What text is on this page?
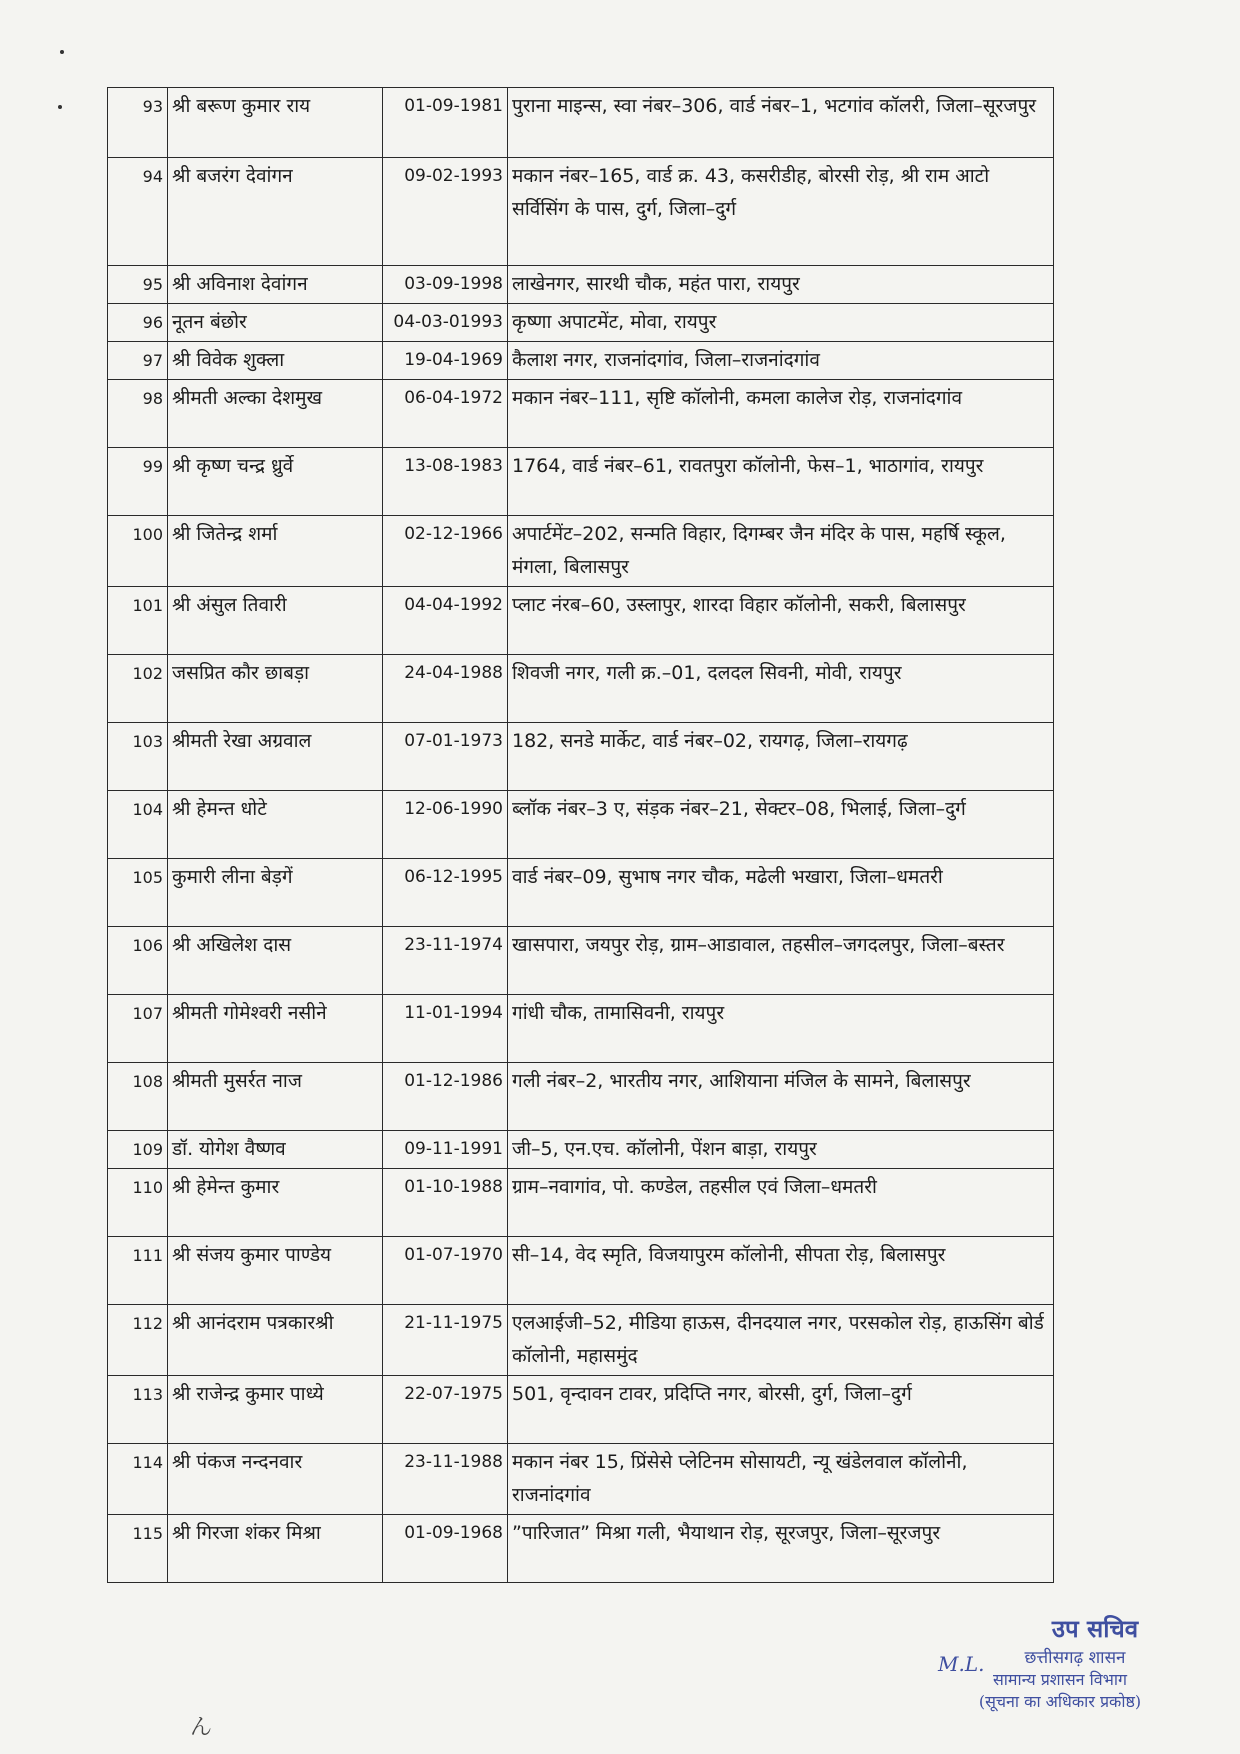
93	श्री बरूण कुमार राय	01-09-1981	पुराना माइन्स, स्वा नंबर–306, वार्ड नंबर–1, भटगांव कॉलरी, जिला–सूरजपुर
94	श्री बजरंग देवांगन	09-02-1993	मकान नंबर–165, वार्ड क्र. 43, कसरीडीह, बोरसी रोड़, श्री राम आटो सर्विसिंग के पास, दुर्ग, जिला–दुर्ग
95	श्री अविनाश देवांगन	03-09-1998	लाखेनगर, सारथी चौक, महंत पारा, रायपुर
96	नूतन बंछोर	04-03-01993	कृष्णा अपाटमेंट, मोवा, रायपुर
97	श्री विवेक शुक्ला	19-04-1969	कैलाश नगर, राजनांदगांव, जिला–राजनांदगांव
98	श्रीमती अल्का देशमुख	06-04-1972	मकान नंबर–111, सृष्टि कॉलोनी, कमला कालेज रोड़, राजनांदगांव
99	श्री कृष्ण चन्द्र ध्रुर्वे	13-08-1983	1764, वार्ड नंबर–61, रावतपुरा कॉलोनी, फेस–1, भाठागांव, रायपुर
100	श्री जितेन्द्र शर्मा	02-12-1966	अपार्टमेंट–202, सन्मति विहार, दिगम्बर जैन मंदिर के पास, महर्षि स्कूल, मंगला, बिलासपुर
101	श्री अंसुल तिवारी	04-04-1992	प्लाट नंरब–60, उस्लापुर, शारदा विहार कॉलोनी, सकरी, बिलासपुर
102	जसप्रित कौर छाबड़ा	24-04-1988	शिवजी नगर, गली क्र.–01, दलदल सिवनी, मोवी, रायपुर
103	श्रीमती रेखा अग्रवाल	07-01-1973	182, सनडे मार्केट, वार्ड नंबर–02, रायगढ़, जिला–रायगढ़
104	श्री हेमन्त धोटे	12-06-1990	ब्लॉक नंबर–3 ए, संड़क नंबर–21, सेक्टर–08, भिलाई, जिला–दुर्ग
105	कुमारी लीना बेड़गें	06-12-1995	वार्ड नंबर–09, सुभाष नगर चौक, मढेली भखारा, जिला–धमतरी
106	श्री अखिलेश दास	23-11-1974	खासपारा, जयपुर रोड़, ग्राम–आडावाल, तहसील–जगदलपुर, जिला–बस्तर
107	श्रीमती गोमेश्वरी नसीने	11-01-1994	गांधी चौक, तामासिवनी, रायपुर
108	श्रीमती मुसर्रत नाज	01-12-1986	गली नंबर–2, भारतीय नगर, आशियाना मंजिल के सामने, बिलासपुर
109	डॉ. योगेश वैष्णव	09-11-1991	जी–5, एन.एच. कॉलोनी, पेंशन बाड़ा, रायपुर
110	श्री हेमेन्त कुमार	01-10-1988	ग्राम–नवागांव, पो. कण्डेल, तहसील एवं जिला–धमतरी
111	श्री संजय कुमार पाण्डेय	01-07-1970	सी–14, वेद स्मृति, विजयापुरम कॉलोनी, सीपता रोड़, बिलासपुर
112	श्री आनंदराम पत्रकारश्री	21-11-1975	एलआईजी–52, मीडिया हाऊस, दीनदयाल नगर, परसकोल रोड़, हाऊसिंग बोर्ड कॉलोनी, महासमुंद
113	श्री राजेन्द्र कुमार पाध्ये	22-07-1975	501, वृन्दावन टावर, प्रदिप्ति नगर, बोरसी, दुर्ग, जिला–दुर्ग
114	श्री पंकज नन्दनवार	23-11-1988	मकान नंबर 15, प्रिंसेसे प्लेटिनम सोसायटी, न्यू खंडेलवाल कॉलोनी, राजनांदगांव
115	श्री गिरजा शंकर मिश्रा	01-09-1968	”पारिजात” मिश्रा गली, भैयाथान रोड़, सूरजपुर, जिला–सूरजपुर
ん
M.L.
उप सचिव
छत्तीसगढ़ शासन
सामान्य प्रशासन विभाग
(सूचना का अधिकार प्रकोष्ठ)
